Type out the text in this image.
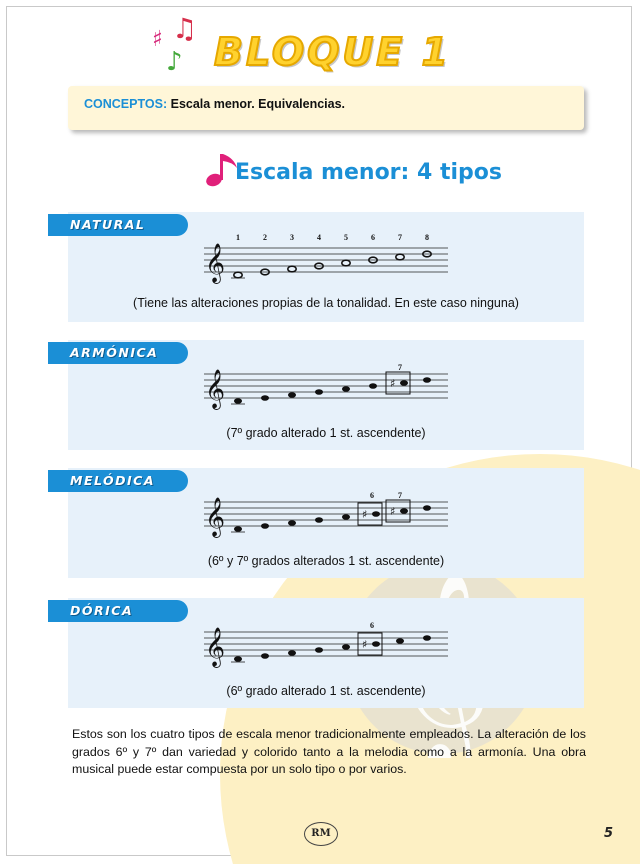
♯ ♫
♪ BLOQUE 1
CONCEPTOS: Escala menor. Equivalencias.
Escala menor: 4 tipos
NATURAL
𝄞
1	2	3	4	5	6	7	8
(Tiene las alteraciones propias de la tonalidad. En este caso ninguna)
ARMÓNICA
𝄞
7
♯
(7º grado alterado 1 st. ascendente)
MELÓDICA
𝄞
6	7
♯ ♯
(6º y 7º grados alterados 1 st. ascendente)
DÓRICA
𝄞
6
♯
(6º grado alterado 1 st. ascendente)
Estos son los cuatro tipos de escala menor tradicionalmente empleados. La alteración de los grados 6º y 7º dan variedad y colorido tanto a la melodia como a la armonía. Una obra musical puede estar compuesta por un solo tipo o por varios.
RM	5
